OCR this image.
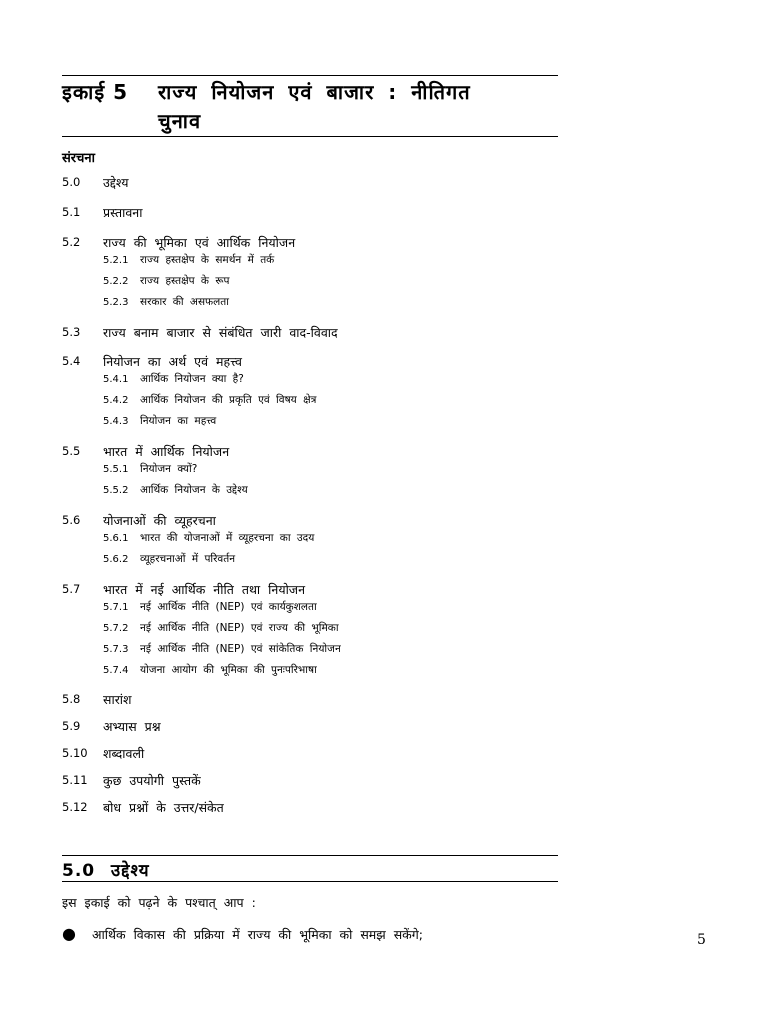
इकाई 5 राज्य नियोजन एवं बाजार : नीतिगत
चुनाव
संरचना
5.0	उद्देश्य
5.1	प्रस्तावना
5.2	राज्य की भूमिका एवं आर्थिक नियोजन
5.2.1	राज्य हस्तक्षेप के समर्थन में तर्क
5.2.2	राज्य हस्तक्षेप के रूप
5.2.3	सरकार की असफलता
5.3	राज्य बनाम बाजार से संबंधित जारी वाद-विवाद
5.4	नियोजन का अर्थ एवं महत्त्व
5.4.1	आर्थिक नियोजन क्या है?
5.4.2	आर्थिक नियोजन की प्रकृति एवं विषय क्षेत्र
5.4.3	नियोजन का महत्त्व
5.5	भारत में आर्थिक नियोजन
5.5.1	नियोजन क्यों?
5.5.2	आर्थिक नियोजन के उद्देश्य
5.6	योजनाओं की व्यूहरचना
5.6.1	भारत की योजनाओं में व्यूहरचना का उदय
5.6.2	व्यूहरचनाओं में परिवर्तन
5.7	भारत में नई आर्थिक नीति तथा नियोजन
5.7.1	नई आर्थिक नीति (NEP) एवं कार्यकुशलता
5.7.2	नई आर्थिक नीति (NEP) एवं राज्य की भूमिका
5.7.3	नई आर्थिक नीति (NEP) एवं सांकेतिक नियोजन
5.7.4	योजना आयोग की भूमिका की पुनःपरिभाषा
5.8	सारांश
5.9	अभ्यास प्रश्न
5.10	शब्दावली
5.11	कुछ उपयोगी पुस्तकें
5.12	बोध प्रश्नों के उत्तर/संकेत
5.0 उद्देश्य
इस इकाई को पढ़ने के पश्चात् आप :
● आर्थिक विकास की प्रक्रिया में राज्य की भूमिका को समझ सकेंगे;	5
